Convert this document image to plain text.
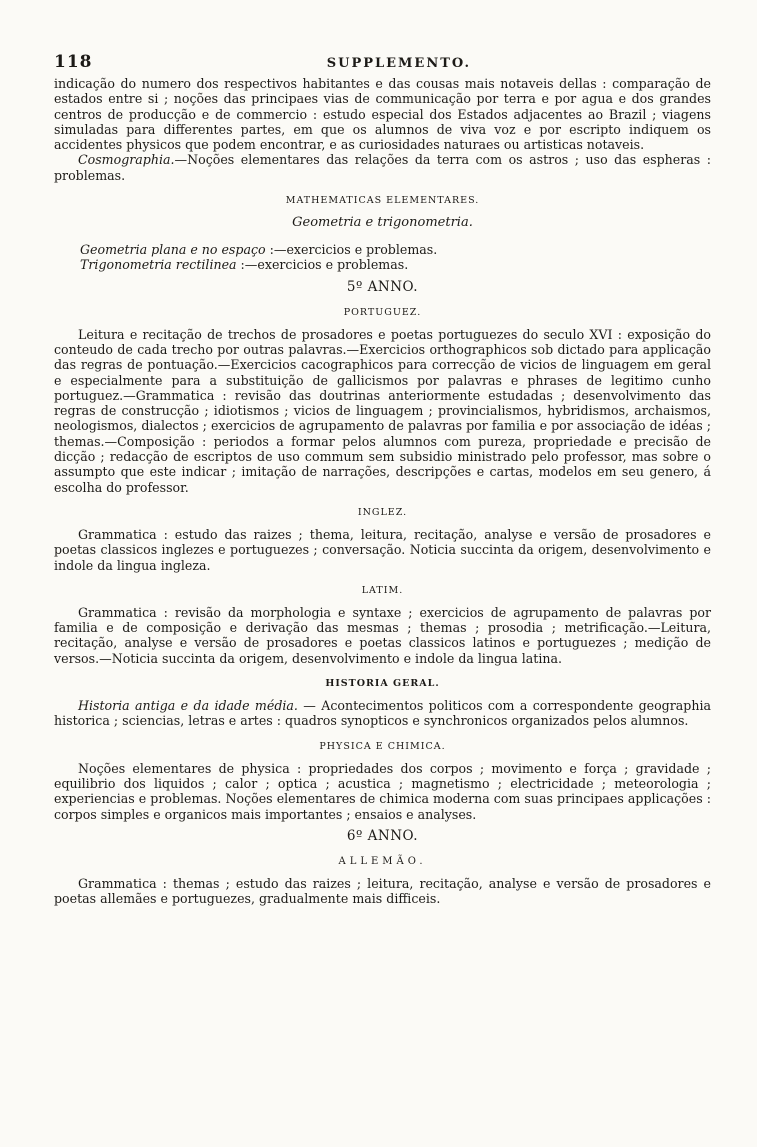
118	SUPPLEMENTO.

indicação do numero dos respectivos habitantes e das cousas mais notaveis dellas : comparação de estados entre si ; noções das principaes vias de communicação por terra e por agua e dos grandes centros de producção e de commercio : estudo especial dos Estados adjacentes ao Brazil ; viagens simuladas para differentes partes, em que os alumnos de viva voz e por escripto indiquem os accidentes physicos que podem encontrar, e as curiosidades naturaes ou artisticas notaveis.

Cosmographia.—Noções elementares das relações da terra com os astros ; uso das espheras : problemas.

MATHEMATICAS ELEMENTARES.
Geometria e trigonometria.

Geometria plana e no espaço :—exercicios e problemas.

Trigonometria rectilinea :—exercicios e problemas.

5º ANNO.
PORTUGUEZ.

Leitura e recitação de trechos de prosadores e poetas portuguezes do seculo XVI : exposição do conteudo de cada trecho por outras palavras.—Exercicios orthographicos sob dictado para applicação das regras de pontuação.—Exercicios cacographicos para correcção de vicios de linguagem em geral e especialmente para a substituição de gallicismos por palavras e phrases de legitimo cunho portuguez.—Grammatica : revisão das doutrinas anteriormente estudadas ; desenvolvimento das regras de construcção ; idiotismos ; vicios de linguagem ; provincialismos, hybridismos, archaismos, neologismos, dialectos ; exercicios de agrupamento de palavras por familia e por associação de idéas ; themas.—Composição : periodos a formar pelos alumnos com pureza, propriedade e precisão de dicção ; redacção de escriptos de uso commum sem subsidio ministrado pelo professor, mas sobre o assumpto que este indicar ; imitação de narrações, descripções e cartas, modelos em seu genero, á escolha do professor.

INGLEZ.

Grammatica : estudo das raizes ; thema, leitura, recitação, analyse e versão de prosadores e poetas classicos inglezes e portuguezes ; conversação. Noticia succinta da origem, desenvolvimento e indole da lingua ingleza.

LATIM.

Grammatica : revisão da morphologia e syntaxe ; exercicios de agrupamento de palavras por familia e de composição e derivação das mesmas ; themas ; prosodia ; metrificação.—Leitura, recitação, analyse e versão de prosadores e poetas classicos latinos e portuguezes ; medição de versos.—Noticia succinta da origem, desenvolvimento e indole da lingua latina.

HISTORIA GERAL.

Historia antiga e da idade média. — Acontecimentos politicos com a correspondente geographia historica ; sciencias, letras e artes : quadros synopticos e synchronicos organizados pelos alumnos.

PHYSICA E CHIMICA.

Noções elementares de physica : propriedades dos corpos ; movimento e força ; gravidade ; equilibrio dos liquidos ; calor ; optica ; acustica ; magnetismo ; electricidade ; meteorologia ; experiencias e problemas. Noções elementares de chimica moderna com suas principaes applicações : corpos simples e organicos mais importantes ; ensaios e analyses.

6º ANNO.
ALLEMÃO.

Grammatica : themas ; estudo das raizes ; leitura, recitação, analyse e versão de prosadores e poetas allemães e portuguezes, gradualmente mais difficeis.
